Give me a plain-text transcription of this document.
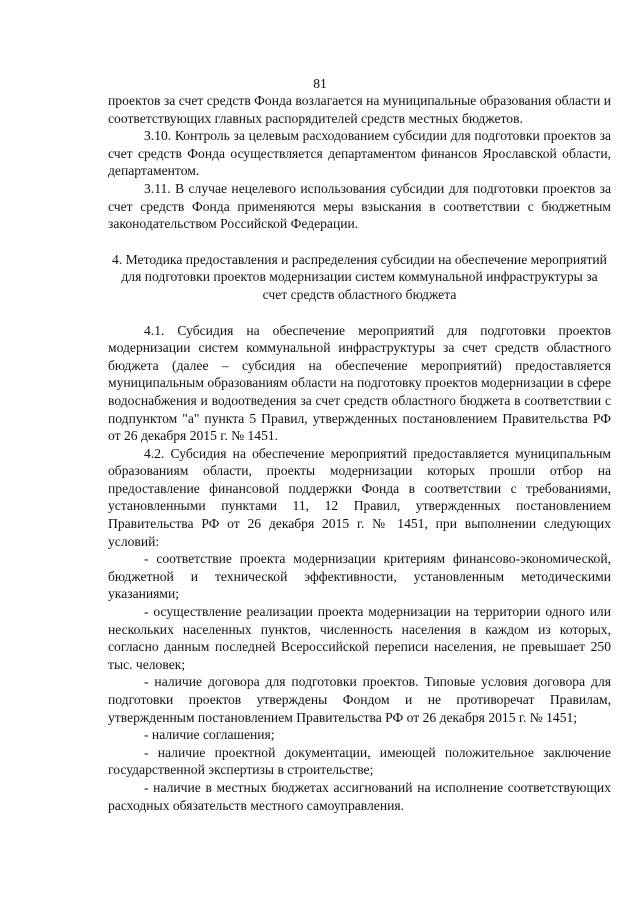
81

проектов за счет средств Фонда возлагается на муниципальные образования области и соответствующих главных распорядителей средств местных бюджетов.

3.10. Контроль за целевым расходованием субсидии для подготовки проектов за счет средств Фонда осуществляется департаментом финансов Ярославской области, департаментом.

3.11. В случае нецелевого использования субсидии для подготовки проектов за счет средств Фонда применяются меры взыскания в соответствии с бюджетным законодательством Российской Федерации.

4. Методика предоставления и распределения субсидии на обеспечение мероприятий для подготовки проектов модернизации систем коммунальной инфраструктуры за счет средств областного бюджета

4.1. Субсидия на обеспечение мероприятий для подготовки проектов модернизации систем коммунальной инфраструктуры за счет средств областного бюджета (далее – субсидия на обеспечение мероприятий) предоставляется муниципальным образованиям области на подготовку проектов модернизации в сфере водоснабжения и водоотведения за счет средств областного бюджета в соответствии с подпунктом "а" пункта 5 Правил, утвержденных постановлением Правительства РФ от 26 декабря 2015 г. № 1451.

4.2. Субсидия на обеспечение мероприятий предоставляется муниципальным образованиям области, проекты модернизации которых прошли отбор на предоставление финансовой поддержки Фонда в соответствии с требованиями, установленными пунктами 11, 12 Правил, утвержденных постановлением Правительства РФ от 26 декабря 2015 г. № 1451, при выполнении следующих условий:

- соответствие проекта модернизации критериям финансово-экономической, бюджетной и технической эффективности, установленным методическими указаниями;

- осуществление реализации проекта модернизации на территории одного или нескольких населенных пунктов, численность населения в каждом из которых, согласно данным последней Всероссийской переписи населения, не превышает 250 тыс. человек;

- наличие договора для подготовки проектов. Типовые условия договора для подготовки проектов утверждены Фондом и не противоречат Правилам, утвержденным постановлением Правительства РФ от 26 декабря 2015 г. № 1451;

- наличие соглашения;

- наличие проектной документации, имеющей положительное заключение государственной экспертизы в строительстве;

- наличие в местных бюджетах ассигнований на исполнение соответствующих расходных обязательств местного самоуправления.
